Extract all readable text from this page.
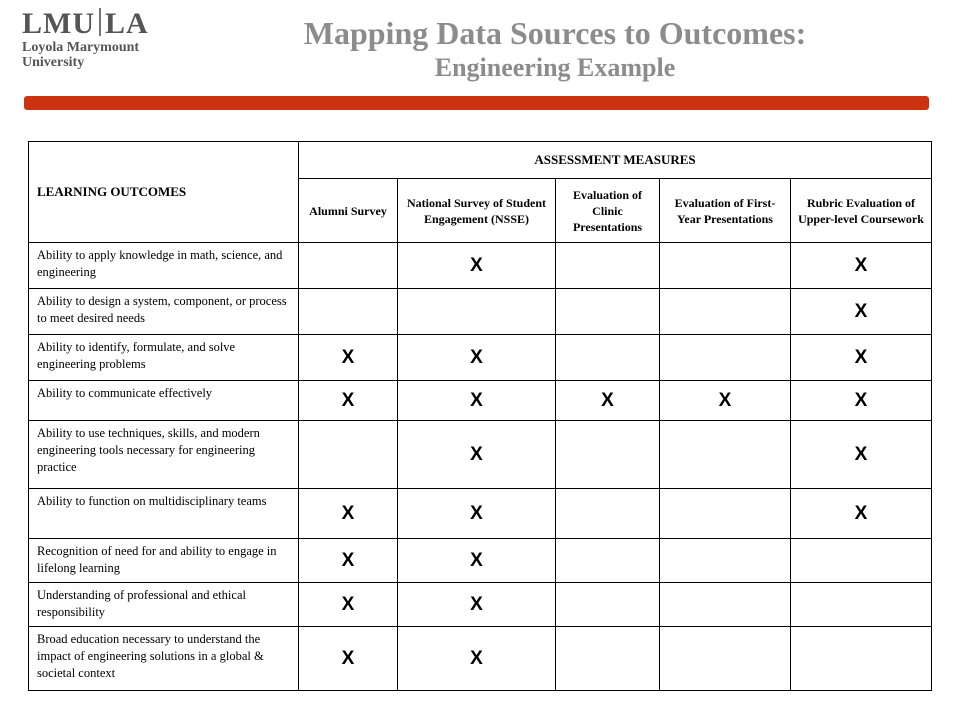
LMU LA
Loyola Marymount
University
Mapping Data Sources to Outcomes:
Engineering Example
LEARNING OUTCOMES	ASSESSMENT MEASURES				
	Alumni Survey	National Survey of Student Engagement (NSSE)	Evaluation of Clinic Presentations	Evaluation of First-Year Presentations	Rubric Evaluation of Upper-level Coursework
Ability to apply knowledge in math, science, and engineering		X			X
Ability to design a system, component, or process to meet desired needs					X
Ability to identify, formulate, and solve engineering problems	X	X			X
Ability to communicate effectively	X	X	X	X	X
Ability to use techniques, skills, and modern engineering tools necessary for engineering practice		X			X
Ability to function on multidisciplinary teams	X	X			X
Recognition of need for and ability to engage in lifelong learning	X	X			
Understanding of professional and ethical responsibility	X	X			
Broad education necessary to understand the impact of engineering solutions in a global & societal context	X	X			
